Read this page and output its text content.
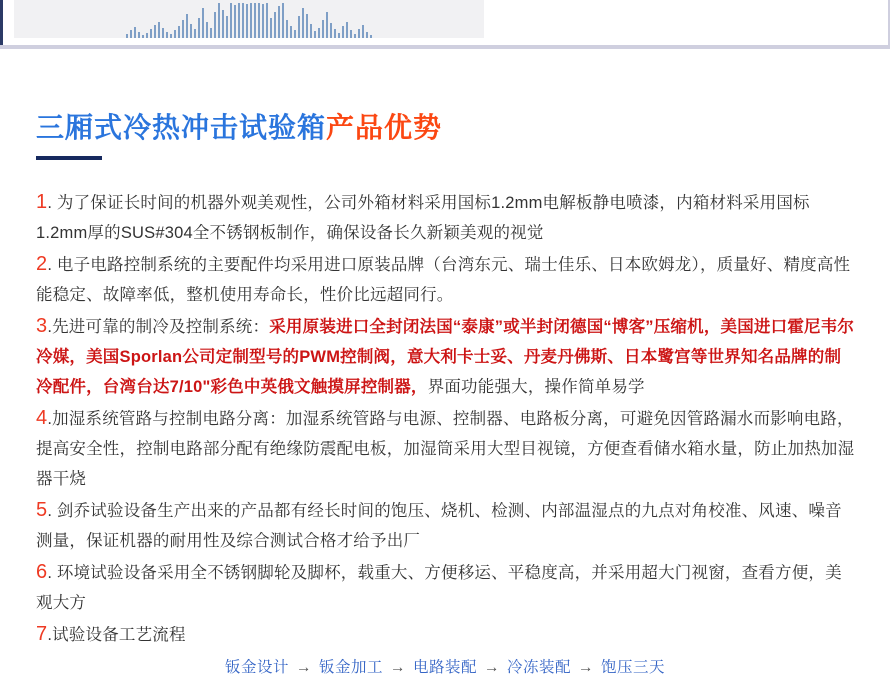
三厢式冷热冲击试验箱产品优势

1. 为了保证长时间的机器外观美观性，公司外箱材料采用国标1.2mm电解板静电喷漆，内箱材料采用国标1.2mm厚的SUS#304全不锈钢板制作，确保设备长久新颖美观的视觉

2. 电子电路控制系统的主要配件均采用进口原装品牌（台湾东元、瑞士佳乐、日本欧姆龙），质量好、精度高性能稳定、故障率低，整机使用寿命长，性价比远超同行。

3.先进可靠的制冷及控制系统：采用原装进口全封闭法国“泰康”或半封闭德国“博客”压缩机，美国进口霍尼韦尔冷媒，美国Sporlan公司定制型号的PWM控制阀，意大利卡士妥、丹麦丹佛斯、日本鹭宫等世界知名品牌的制冷配件，台湾台达7/10"彩色中英俄文触摸屏控制器，界面功能强大，操作简单易学

4.加湿系统管路与控制电路分离：加湿系统管路与电源、控制器、电路板分离，可避免因管路漏水而影响电路，提高安全性，控制电路部分配有绝缘防震配电板，加湿筒采用大型目视镜，方便查看储水箱水量，防止加热加湿器干烧

5. 剑乔试验设备生产出来的产品都有经长时间的饱压、烧机、检测、内部温湿点的九点对角校准、风速、噪音测量，保证机器的耐用性及综合测试合格才给予出厂

6. 环境试验设备采用全不锈钢脚轮及脚杯，载重大、方便移运、平稳度高，并采用超大门视窗，查看方便，美观大方

7.试验设备工艺流程

钣金设计 → 钣金加工 → 电路装配 → 冷冻装配 → 饱压三天
